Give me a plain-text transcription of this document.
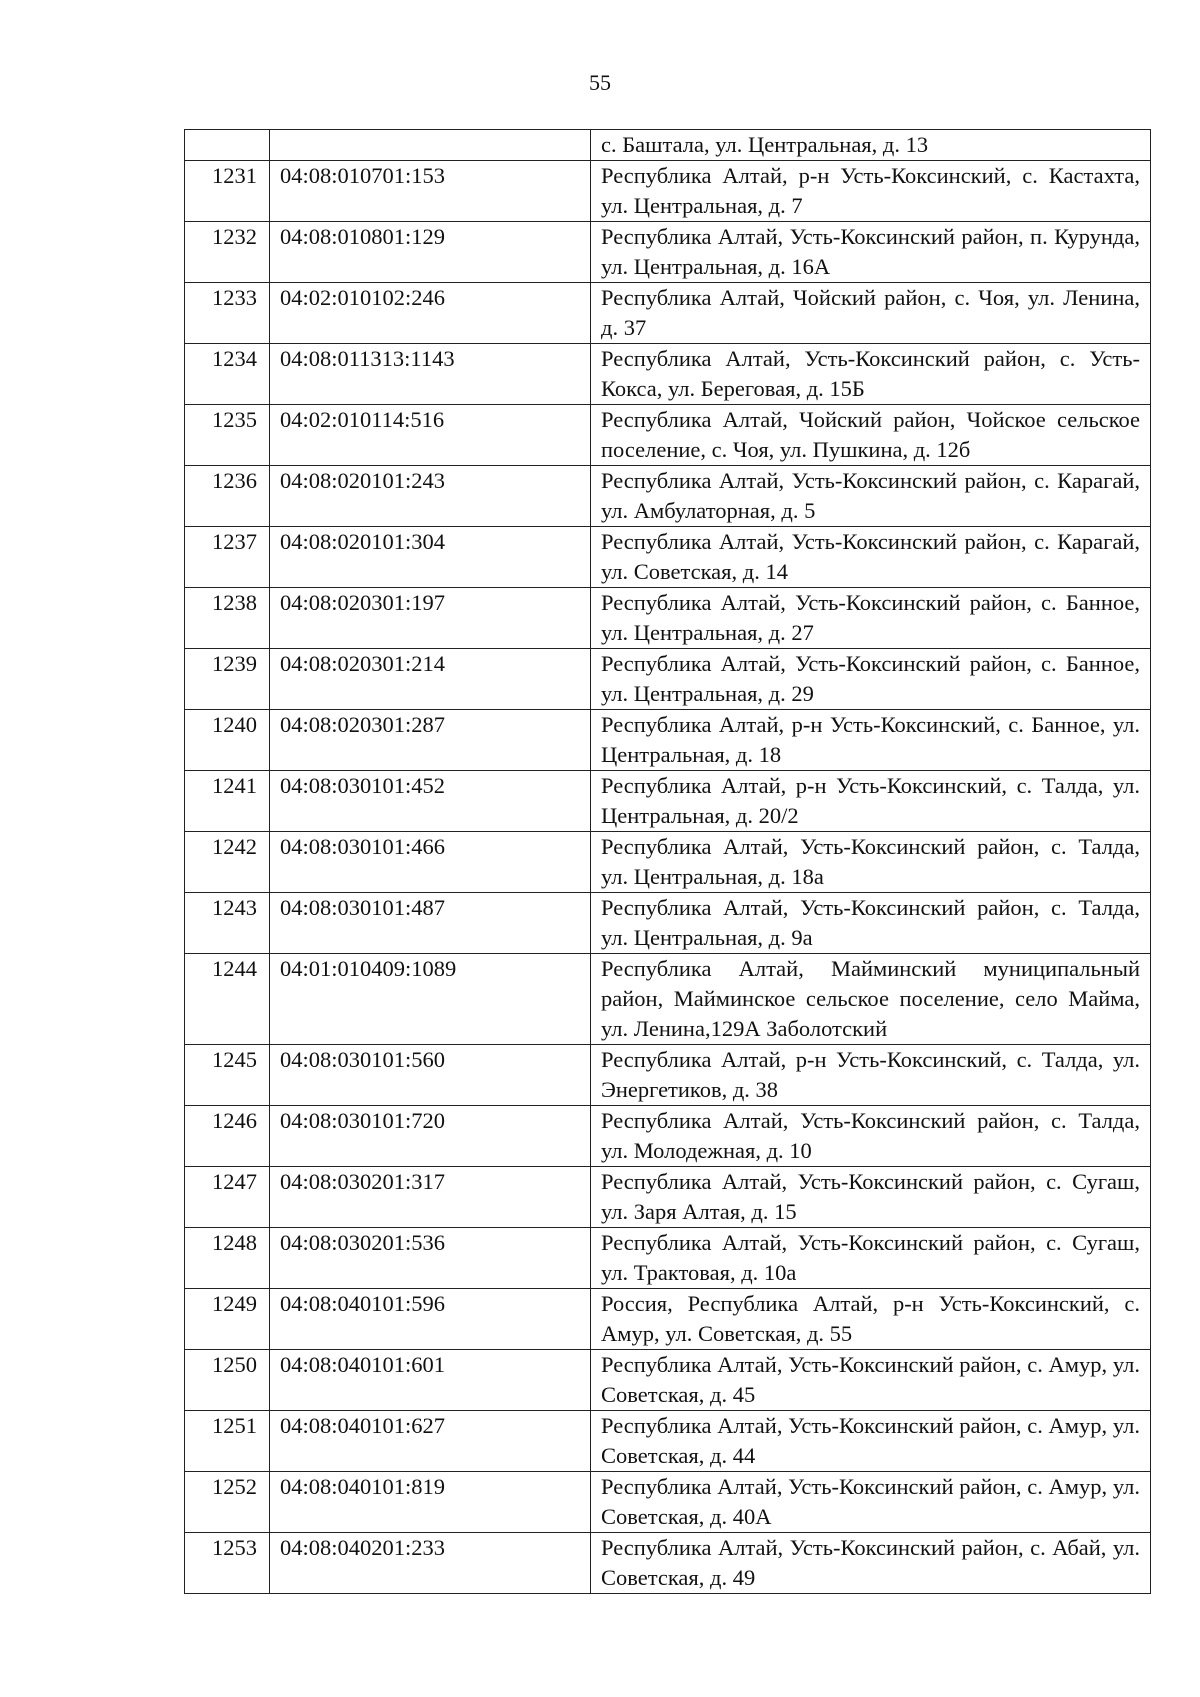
55
		с. Баштала, ул. Центральная, д. 13
1231	04:08:010701:153	Республика Алтай, р-н Усть-Коксинский, с. Кастахта, ул. Центральная, д. 7
1232	04:08:010801:129	Республика Алтай, Усть-Коксинский район, п. Курунда, ул. Центральная, д. 16А
1233	04:02:010102:246	Республика Алтай, Чойский район, с. Чоя, ул. Ленина, д. 37
1234	04:08:011313:1143	Республика Алтай, Усть-Коксинский район, с. Усть-Кокса, ул. Береговая, д. 15Б
1235	04:02:010114:516	Республика Алтай, Чойский район, Чойское сельское поселение, с. Чоя, ул. Пушкина, д. 12б
1236	04:08:020101:243	Республика Алтай, Усть-Коксинский район, с. Карагай, ул. Амбулаторная, д. 5
1237	04:08:020101:304	Республика Алтай, Усть-Коксинский район, с. Карагай, ул. Советская, д. 14
1238	04:08:020301:197	Республика Алтай, Усть-Коксинский район, с. Банное, ул. Центральная, д. 27
1239	04:08:020301:214	Республика Алтай, Усть-Коксинский район, с. Банное, ул. Центральная, д. 29
1240	04:08:020301:287	Республика Алтай, р-н Усть-Коксинский, с. Банное, ул. Центральная, д. 18
1241	04:08:030101:452	Республика Алтай, р-н Усть-Коксинский, с. Талда, ул. Центральная, д. 20/2
1242	04:08:030101:466	Республика Алтай, Усть-Коксинский район, с. Талда, ул. Центральная, д. 18а
1243	04:08:030101:487	Республика Алтай, Усть-Коксинский район, с. Талда, ул. Центральная, д. 9а
1244	04:01:010409:1089	Республика Алтай, Майминский муниципальный район, Майминское сельское поселение, село Майма, ул. Ленина,129А Заболотский
1245	04:08:030101:560	Республика Алтай, р-н Усть-Коксинский, с. Талда, ул. Энергетиков, д. 38
1246	04:08:030101:720	Республика Алтай, Усть-Коксинский район, с. Талда, ул. Молодежная, д. 10
1247	04:08:030201:317	Республика Алтай, Усть-Коксинский район, с. Сугаш, ул. Заря Алтая, д. 15
1248	04:08:030201:536	Республика Алтай, Усть-Коксинский район, с. Сугаш, ул. Трактовая, д. 10а
1249	04:08:040101:596	Россия, Республика Алтай, р-н Усть-Коксинский, с. Амур, ул. Советская, д. 55
1250	04:08:040101:601	Республика Алтай, Усть-Коксинский район, с. Амур, ул. Советская, д. 45
1251	04:08:040101:627	Республика Алтай, Усть-Коксинский район, с. Амур, ул. Советская, д. 44
1252	04:08:040101:819	Республика Алтай, Усть-Коксинский район, с. Амур, ул. Советская, д. 40А
1253	04:08:040201:233	Республика Алтай, Усть-Коксинский район, с. Абай, ул. Советская, д. 49
